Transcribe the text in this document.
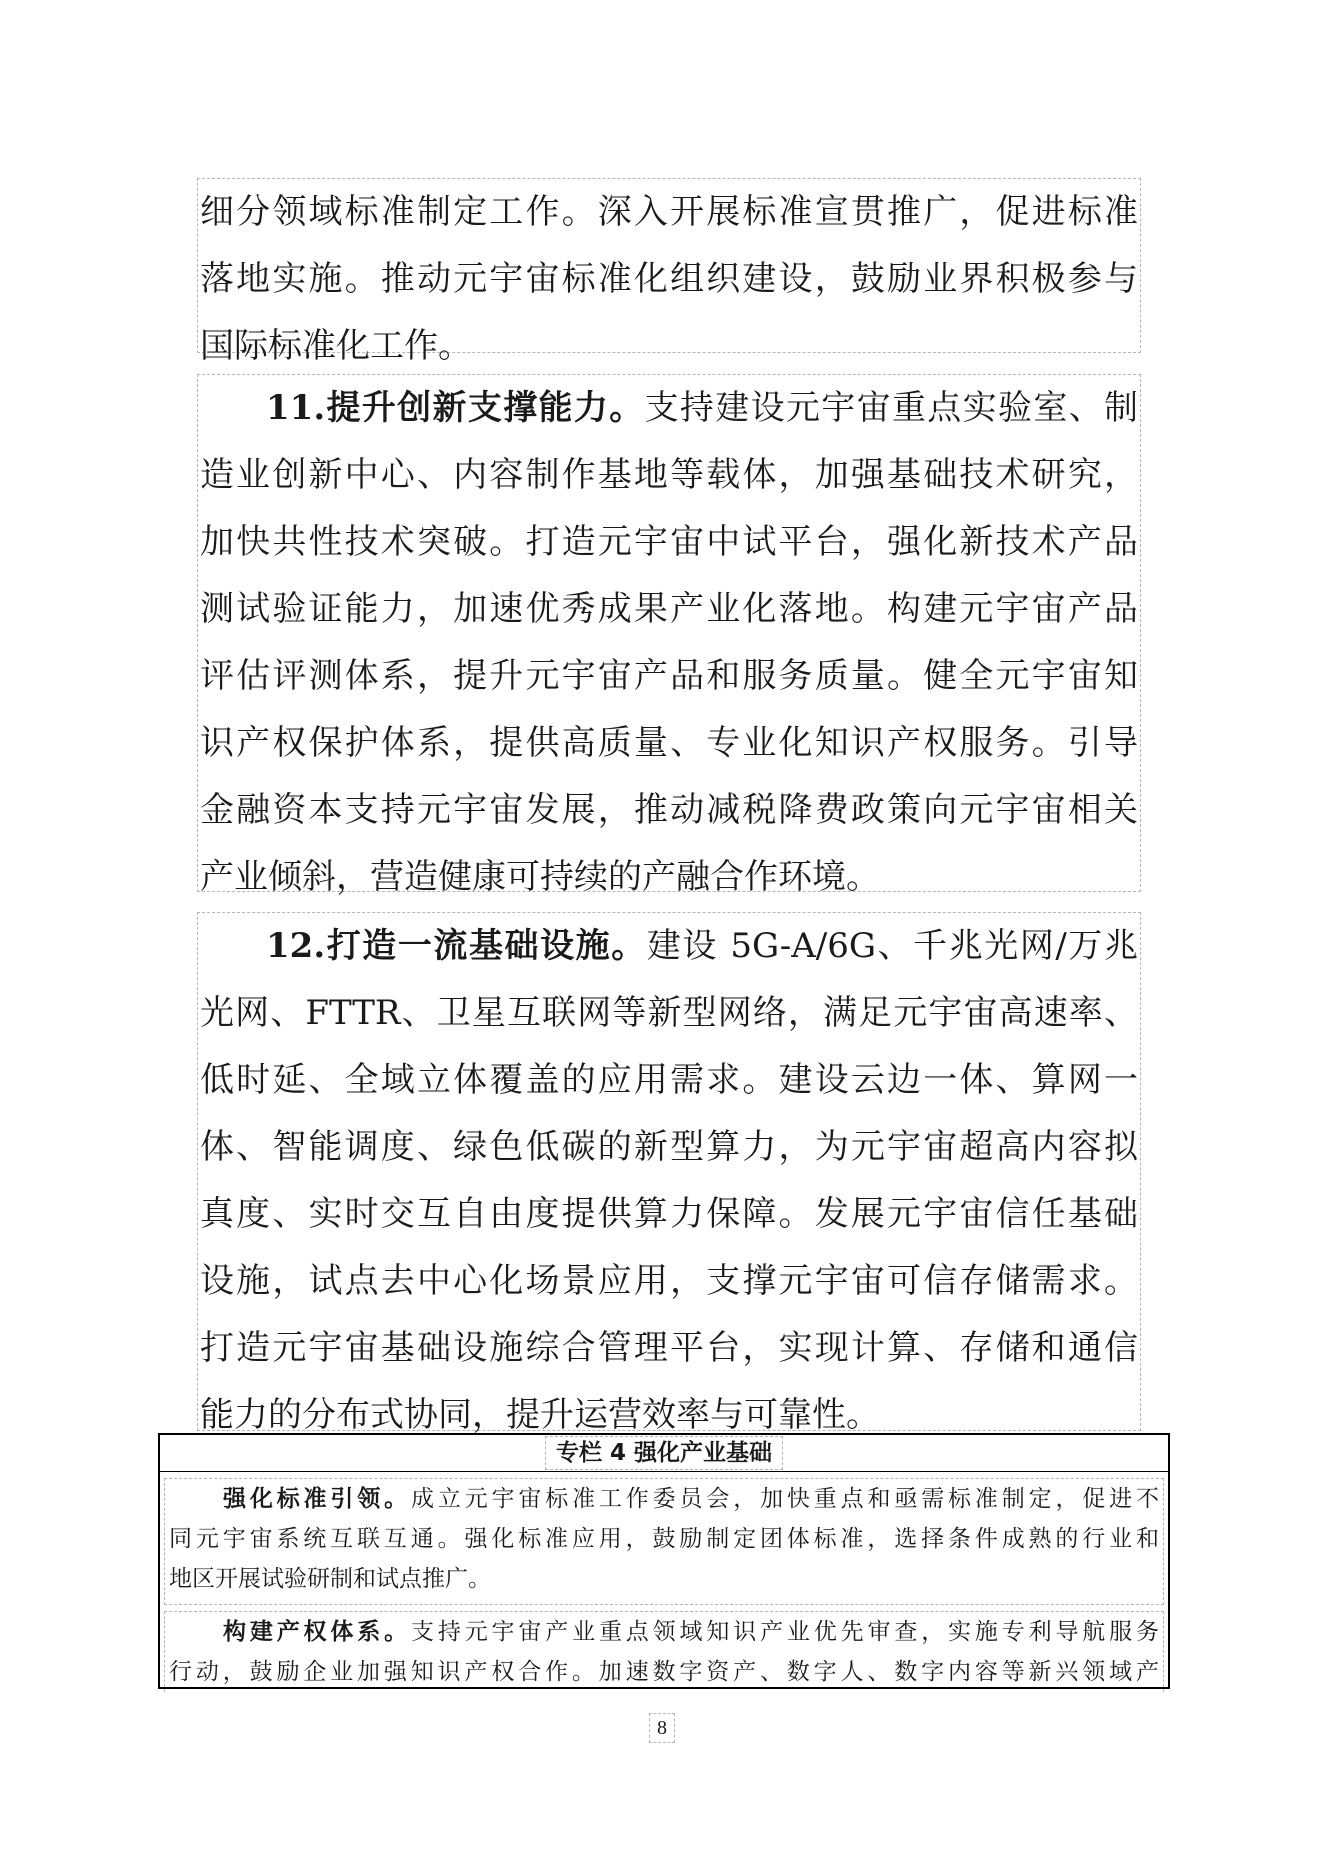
细分领域标准制定工作。深入开展标准宣贯推广，促进标准
落地实施。推动元宇宙标准化组织建设，鼓励业界积极参与
国际标准化工作。
11.提升创新支撑能力。支持建设元宇宙重点实验室、制
造业创新中心、内容制作基地等载体，加强基础技术研究，
加快共性技术突破。打造元宇宙中试平台，强化新技术产品
测试验证能力，加速优秀成果产业化落地。构建元宇宙产品
评估评测体系，提升元宇宙产品和服务质量。健全元宇宙知
识产权保护体系，提供高质量、专业化知识产权服务。引导
金融资本支持元宇宙发展，推动减税降费政策向元宇宙相关
产业倾斜，营造健康可持续的产融合作环境。
12.打造一流基础设施。建设 5G-A/6G、千兆光网/万兆
光网、FTTR、卫星互联网等新型网络，满足元宇宙高速率、
低时延、全域立体覆盖的应用需求。建设云边一体、算网一
体、智能调度、绿色低碳的新型算力，为元宇宙超高内容拟
真度、实时交互自由度提供算力保障。发展元宇宙信任基础
设施，试点去中心化场景应用，支撑元宇宙可信存储需求。
打造元宇宙基础设施综合管理平台，实现计算、存储和通信
能力的分布式协同，提升运营效率与可靠性。
专栏 4 强化产业基础
强化标准引领。成立元宇宙标准工作委员会，加快重点和亟需标准制定，促进不
同元宇宙系统互联互通。强化标准应用，鼓励制定团体标准，选择条件成熟的行业和
地区开展试验研制和试点推广。
构建产权体系。支持元宇宙产业重点领域知识产业优先审查，实施专利导航服务
行动，鼓励企业加强知识产权合作。加速数字资产、数字人、数字内容等新兴领域产
8
